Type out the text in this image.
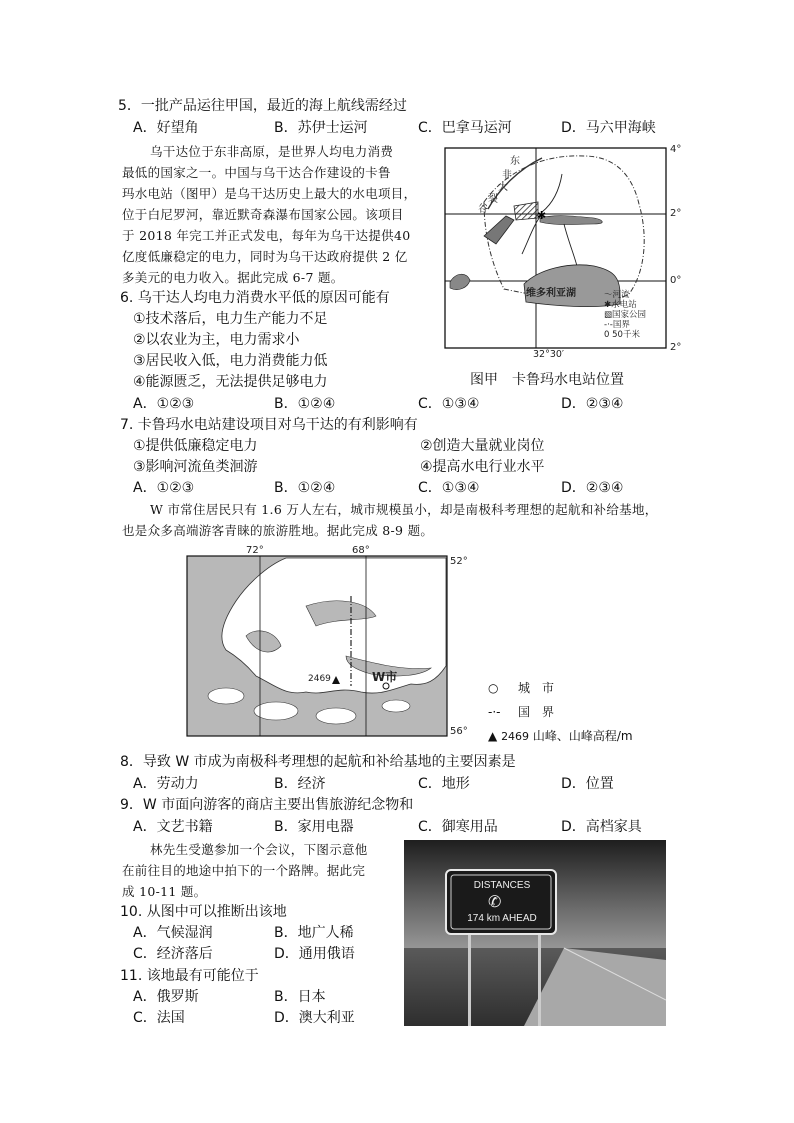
5．一批产品运往甲国，最近的海上航线需经过
A．好望角	B．苏伊士运河	C．巴拿马运河	D．马六甲海峡
乌干达位于东非高原，是世界人均电力消费
最低的国家之一。中国与乌干达合作建设的卡鲁
玛水电站（图甲）是乌干达历史上最大的水电项目，
位于白尼罗河，靠近默奇森瀑布国家公园。该项目
于 2018 年完工并正式发电，每年为乌干达提供40
亿度低廉稳定的电力，同时为乌干达政府提供 2 亿
多美元的电力收入。据此完成 6-7 题。
✱
东
非
大
裂
谷
维多利亚湖
4°
2°
0°
2°
〜河流
✱水电站
▧国家公园
-·-国界
0 50千米
32°30′
图甲　卡鲁玛水电站位置
6. 乌干达人均电力消费水平低的原因可能有
①技术落后，电力生产能力不足
②以农业为主，电力需求小
③居民收入低，电力消费能力低
④能源匮乏，无法提供足够电力
A．①②③	B．①②④	C．①③④	D．②③④
7. 卡鲁玛水电站建设项目对乌干达的有利影响有
①提供低廉稳定电力	②创造大量就业岗位
③影响河流鱼类洄游	④提高水电行业水平
A．①②③	B．①②④	C．①③④	D．②③④
W 市常住居民只有 1.6 万人左右，城市规模虽小，却是南极科考理想的起航和补给基地，
也是众多高端游客青睐的旅游胜地。据此完成 8-9 题。
72°	68°
52°
56°
2469	W市
○ 城　市
-·- 国　界
▲ 2469 山峰、山峰高程/m
8．导致 W 市成为南极科考理想的起航和补给基地的主要因素是
A．劳动力	B．经济	C．地形	D．位置
9．W 市面向游客的商店主要出售旅游纪念物和
A．文艺书籍	B．家用电器	C．御寒用品	D．高档家具
林先生受邀参加一个会议，下图示意他
在前往目的地途中拍下的一个路牌。据此完
成 10-11 题。	DISTANCES
✆
174 km AHEAD
10. 从图中可以推断出该地
A．气候湿润	B．地广人稀
C．经济落后	D．通用俄语
11. 该地最有可能位于
A．俄罗斯	B．日本
C．法国	D．澳大利亚
